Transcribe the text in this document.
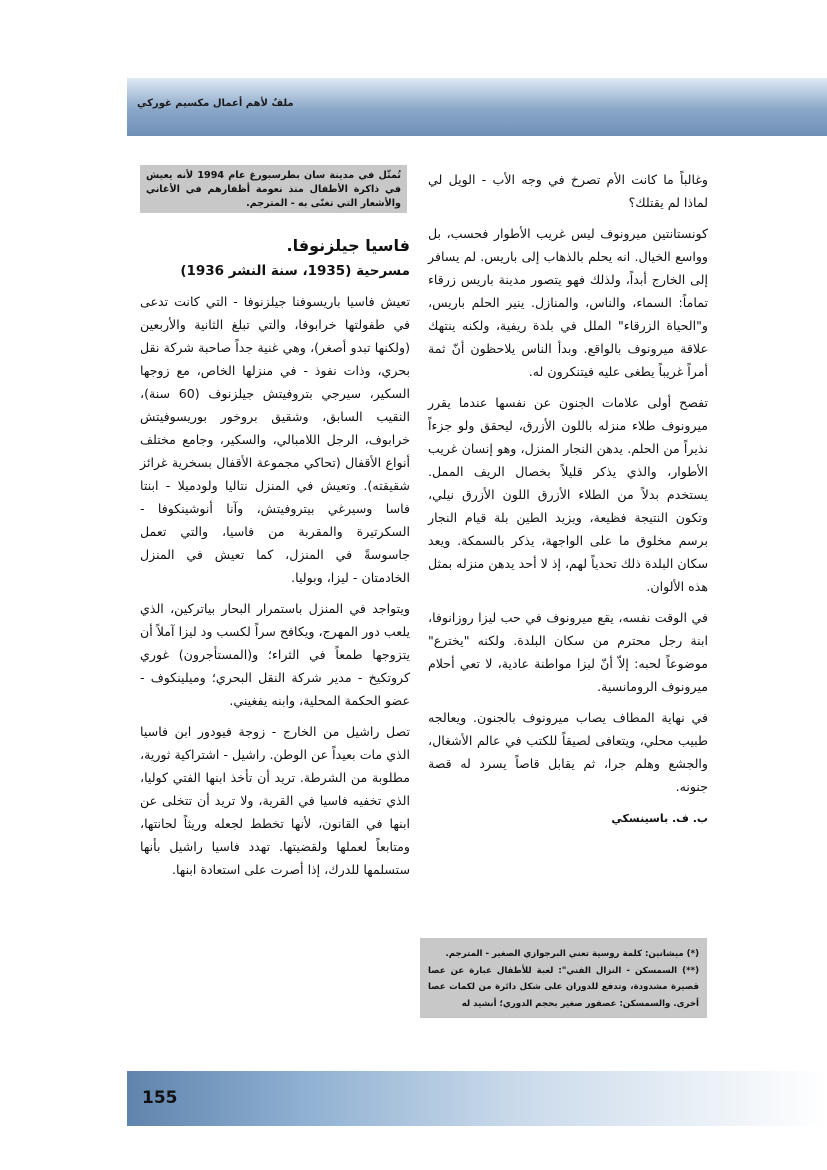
ملفٌ لأهم أعمال مكسيم غوركي

وغالباً ما كانت الأم تصرخ في وجه الأب - الويل لي لماذا لم يقتلك؟

كونستانتين ميرونوف ليس غريب الأطوار فحسب، بل وواسع الخيال. انه يحلم بالذهاب إلى باريس. لم يسافر إلى الخارج أبداً، ولذلك فهو يتصور مدينة باريس زرقاء تماماً: السماء، والناس، والمنازل. ينير الحلم باريس، و"الحياة الزرقاء" الملل في بلدة ريفية، ولكنه ينتهك علاقة ميرونوف بالواقع. وبدأ الناس يلاحظون أنّ ثمة أمراً غريباً يطغى عليه فيتنكرون له.

تفصح أولى علامات الجنون عن نفسها عندما يقرر ميرونوف طلاء منزله باللون الأزرق، ليحقق ولو جزءاً نذيراً من الحلم. يدهن النجار المنزل، وهو إنسان غريب الأطوار، والذي يذكر قليلاً بخصال الريف الممل. يستخدم بدلاً من الطلاء الأزرق اللون الأزرق نيلي، وتكون النتيجة فظيعة، ويزيد الطين بلة قيام النجار برسم مخلوق ما على الواجهة، يذكر بالسمكة. ويعد سكان البلدة ذلك تحدياً لهم، إذ لا أحد يدهن منزله بمثل هذه الألوان.

في الوقت نفسه، يقع ميرونوف في حب ليزا روزانوفا، ابنة رجل محترم من سكان البلدة. ولكنه "يخترع" موضوعاً لحبه: إلاّ أنّ ليزا مواطنة عادية، لا تعي أحلام ميرونوف الرومانسية.

في نهاية المطاف يصاب ميرونوف بالجنون. ويعالجه طبيب محلي، ويتعافى لصيقاً للكتب في عالم الأشغال، والجشع وهلم جرا، ثم يقابل قاصاً يسرد له قصة جنونه.

ب. ف. باسينسكي
تُمثّل في مدينة سان بطرسبورغ عام 1994 لأنه يعيش في ذاكرة الأطفال منذ نعومة أظفارهم في الأغاني والأشعار التي تغنّى به - المترجم.
فاسيا جيلزنوفا.
مسرحية (1935، سنة النشر 1936)

تعيش فاسيا باريسوفنا جيلزنوفا - التي كانت تدعى في طفولتها خرابوفا، والتي تبلغ الثانية والأربعين (ولكنها تبدو أصغر)، وهي غنية جداً صاحبة شركة نقل بحري، وذات نفوذ - في منزلها الخاص، مع زوجها السكير، سيرجي بتروفيتش جيلزنوف (60 سنة)، النقيب السابق، وشقيق بروخور بوريسوفيتش خرابوف، الرجل اللامبالي، والسكير، وجامع مختلف أنواع الأقفال (تحاكي مجموعة الأقفال بسخرية غرائز شقيقته). وتعيش في المنزل نتاليا ولودميلا - ابنتا فاسا وسيرغي بيتروفيتش، وآنا أنوشينكوفا - السكرتيرة والمقربة من فاسيا، والتي تعمل جاسوسةً في المنزل، كما تعيش في المنزل الخادمتان - ليزا، وبوليا.

ويتواجد في المنزل باستمرار البحار بياتركين، الذي يلعب دور المهرج، ويكافح سراً لكسب ود ليزا آملاً أن يتزوجها طمعاً في الثراء؛ و(المستأجرون) غوري كروتكيخ - مدير شركة النقل البحري؛ وميلينكوف - عضو الحكمة المحلية، وابنه يفغيني.

تصل راشيل من الخارج - زوجة فيودور ابن فاسيا الذي مات بعيداً عن الوطن. راشيل - اشتراكية ثورية، مطلوبة من الشرطة. تريد أن تأخذ ابنها الفتي كوليا، الذي تخفيه فاسيا في القرية، ولا تريد أن تتخلى عن ابنها في القانون، لأنها تخطط لجعله وريثاً لحانتها، ومتابعاً لعملها ولقضيتها. تهدد فاسيا راشيل بأنها ستسلمها للدرك، إذا أصرت على استعادة ابنها.

(*) ميشانين: كلمة روسية تعني البرجوازي الصغير - المترجم.
(**) السمسكن - النزال الفني": لعبة للأطفال عبارة عن عصا قصيرة مشدودة، وتدفع للدوران على شكل دائرة من لكمات عصا أخرى. والسمسكن: عصفور صغير بحجم الدوري؛ أنشيد له
155
